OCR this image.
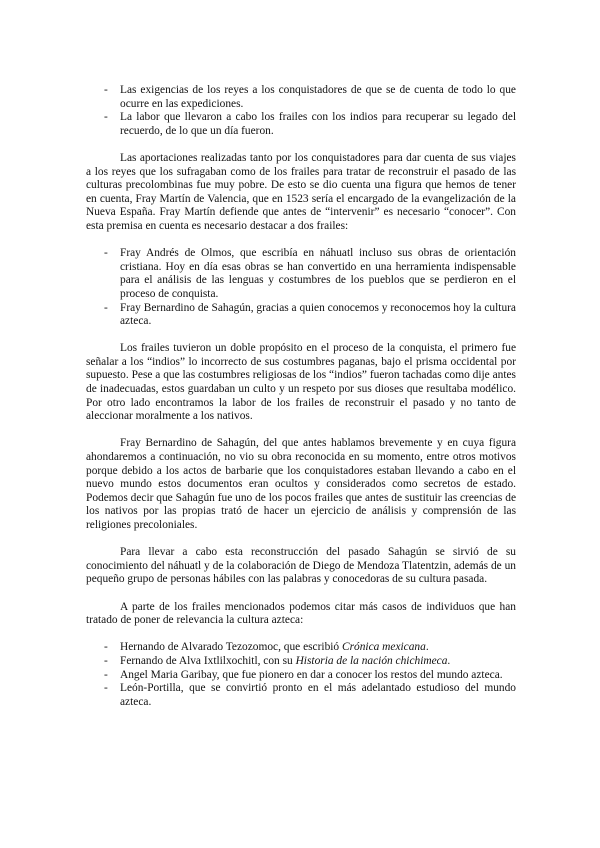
- Las exigencias de los reyes a los conquistadores de que se de cuenta de todo lo que ocurre en las expediciones.
- La labor que llevaron a cabo los frailes con los indios para recuperar su legado del recuerdo, de lo que un día fueron.

Las aportaciones realizadas tanto por los conquistadores para dar cuenta de sus viajes a los reyes que los sufragaban como de los frailes para tratar de reconstruir el pasado de las culturas precolombinas fue muy pobre. De esto se dio cuenta una figura que hemos de tener en cuenta, Fray Martín de Valencia, que en 1523 sería el encargado de la evangelización de la Nueva España. Fray Martín defiende que antes de “intervenir” es necesario “conocer”. Con esta premisa en cuenta es necesario destacar a dos frailes:

- Fray Andrés de Olmos, que escribía en náhuatl incluso sus obras de orientación cristiana. Hoy en día esas obras se han convertido en una herramienta indispensable para el análisis de las lenguas y costumbres de los pueblos que se perdieron en el proceso de conquista.
- Fray Bernardino de Sahagún, gracias a quien conocemos y reconocemos hoy la cultura azteca.

Los frailes tuvieron un doble propósito en el proceso de la conquista, el primero fue señalar a los “indios” lo incorrecto de sus costumbres paganas, bajo el prisma occidental por supuesto. Pese a que las costumbres religiosas de los “indios” fueron tachadas como dije antes de inadecuadas, estos guardaban un culto y un respeto por sus dioses que resultaba modélico. Por otro lado encontramos la labor de los frailes de reconstruir el pasado y no tanto de aleccionar moralmente a los nativos.

Fray Bernardino de Sahagún, del que antes hablamos brevemente y en cuya figura ahondaremos a continuación, no vio su obra reconocida en su momento, entre otros motivos porque debido a los actos de barbarie que los conquistadores estaban llevando a cabo en el nuevo mundo estos documentos eran ocultos y considerados como secretos de estado. Podemos decir que Sahagún fue uno de los pocos frailes que antes de sustituir las creencias de los nativos por las propias trató de hacer un ejercicio de análisis y comprensión de las religiones precoloniales.

Para llevar a cabo esta reconstrucción del pasado Sahagún se sirvió de su conocimiento del náhuatl y de la colaboración de Diego de Mendoza Tlatentzin, además de un pequeño grupo de personas hábiles con las palabras y conocedoras de su cultura pasada.

A parte de los frailes mencionados podemos citar más casos de individuos que han tratado de poner de relevancia la cultura azteca:

- Hernando de Alvarado Tezozomoc, que escribió Crónica mexicana.
- Fernando de Alva Ixtlilxochitl, con su Historia de la nación chichimeca.
- Angel Maria Garibay, que fue pionero en dar a conocer los restos del mundo azteca.
- León-Portilla, que se convirtió pronto en el más adelantado estudioso del mundo azteca.
